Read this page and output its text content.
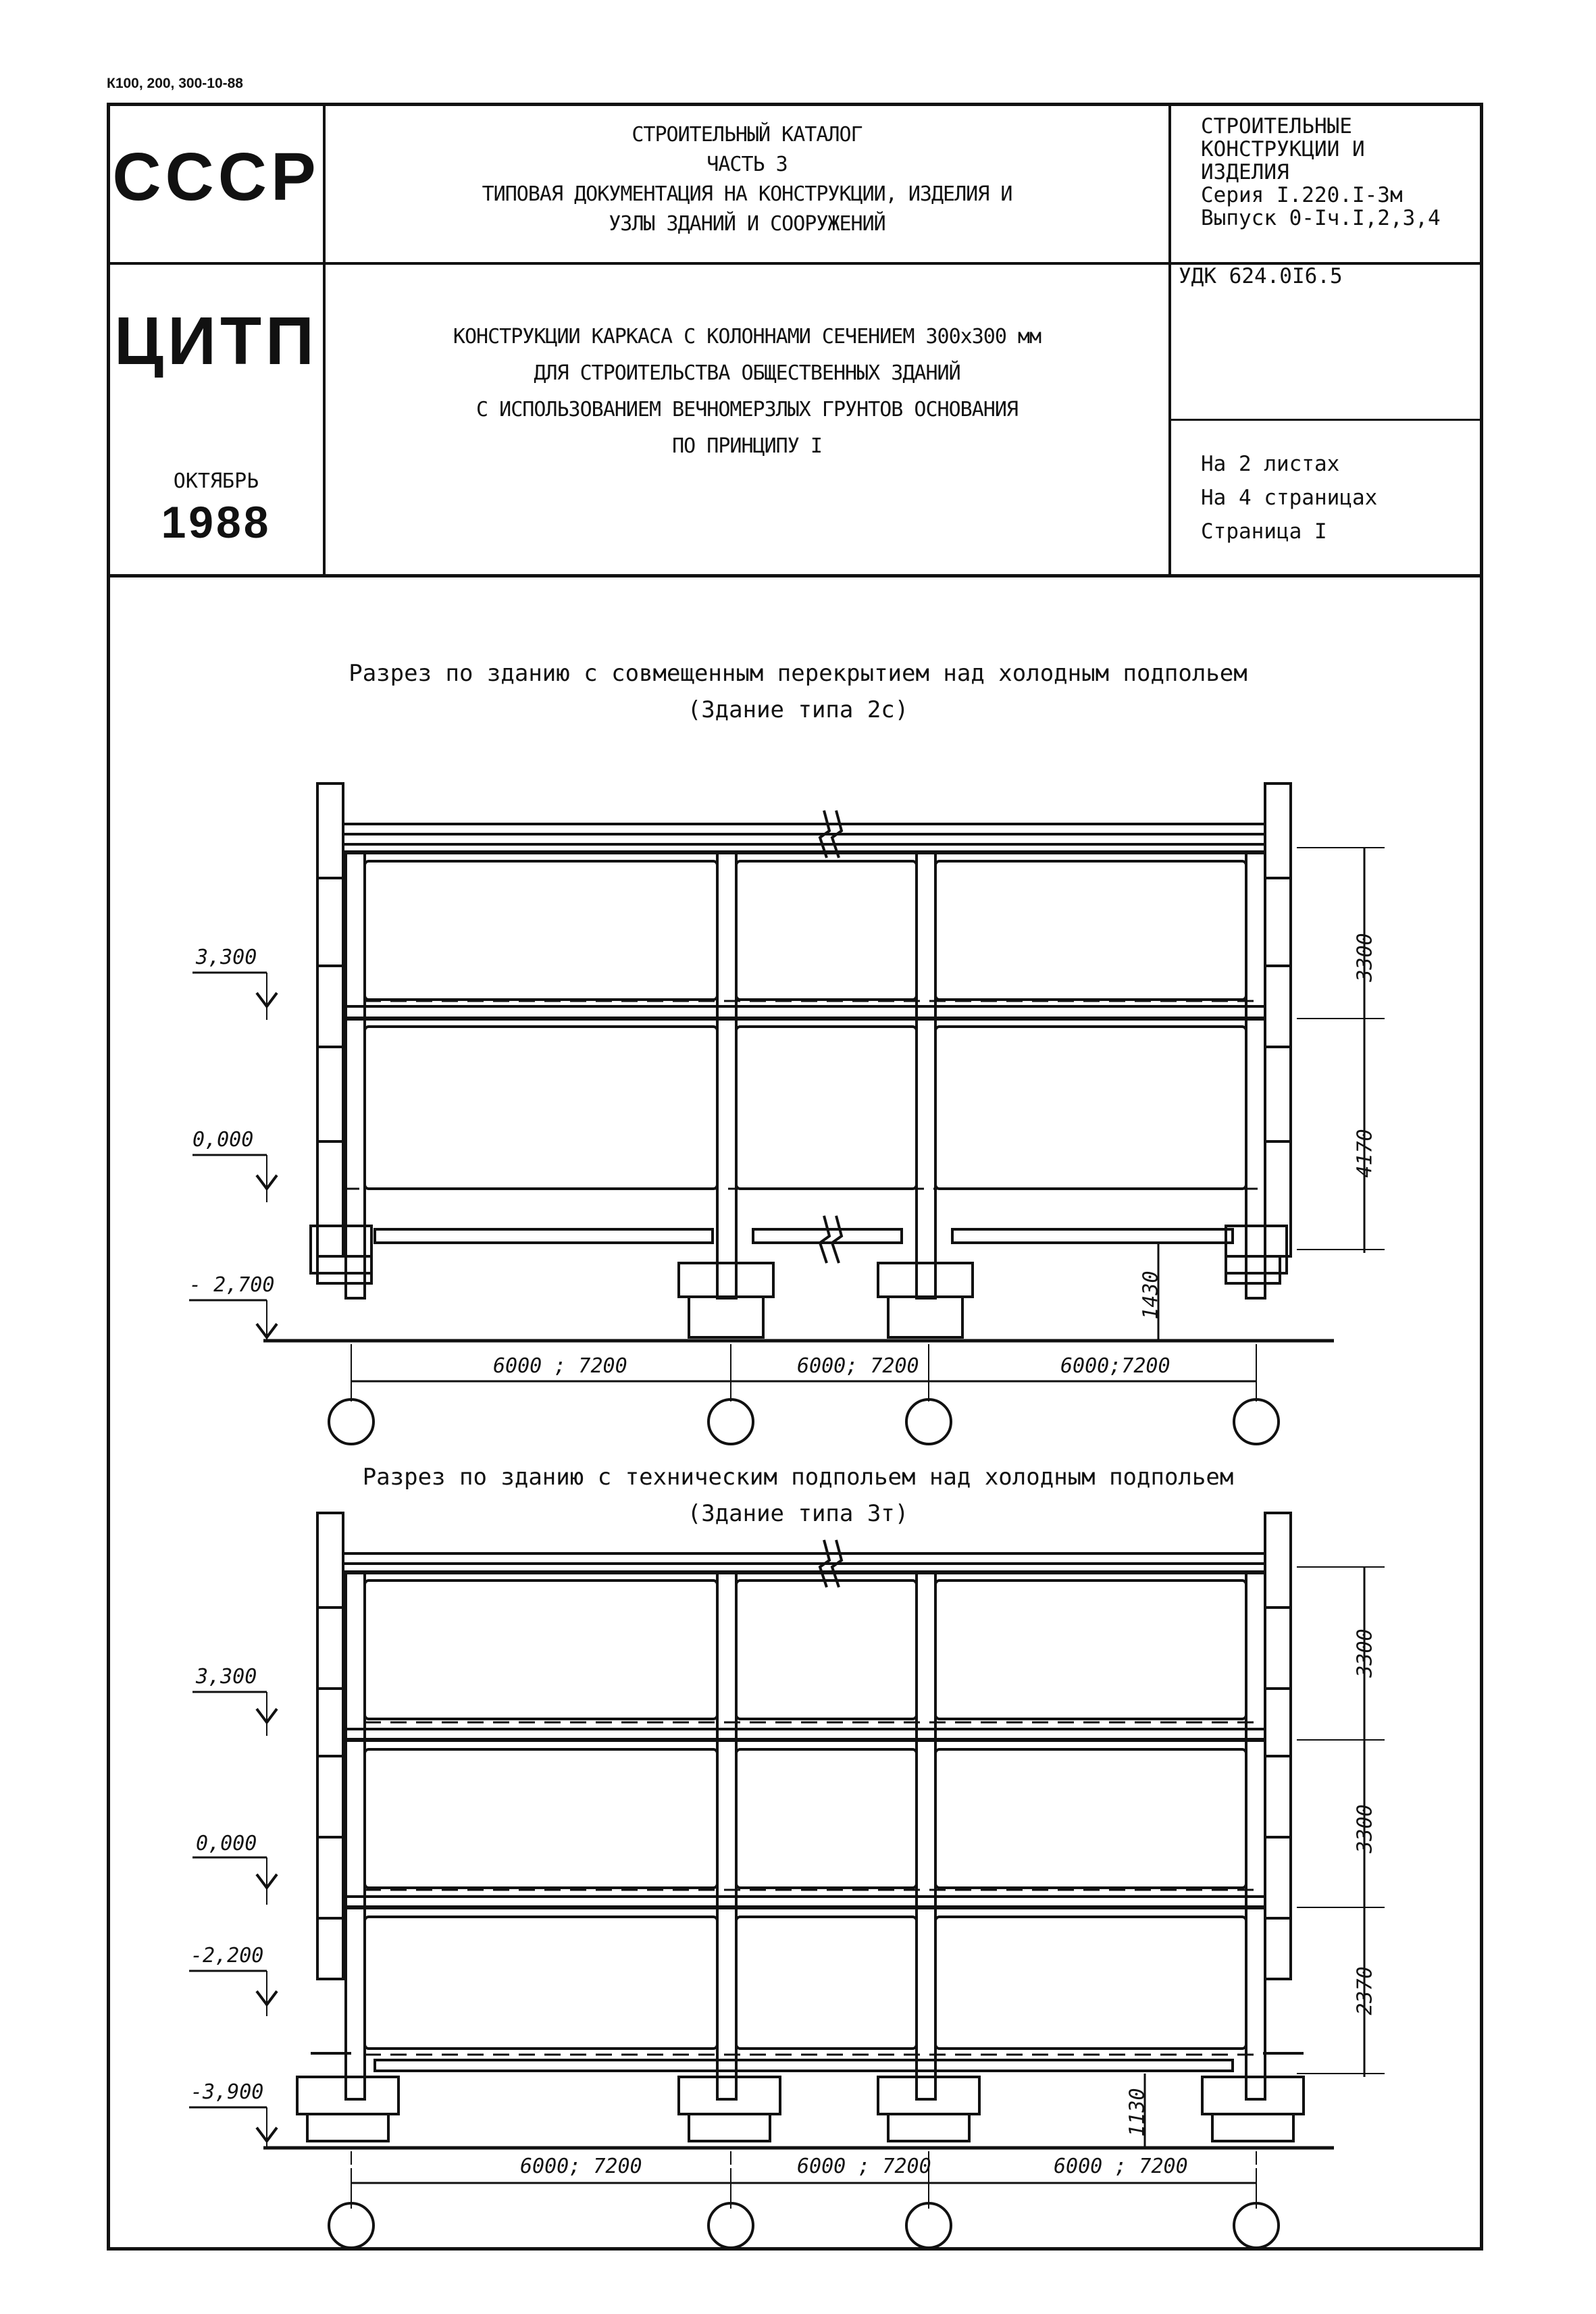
К100, 200, 300-10-88
СССР
ЦИТП
ОКТЯБРЬ
1988
СТРОИТЕЛЬНЫЙ КАТАЛОГ
ЧАСТЬ 3
ТИПОВАЯ ДОКУМЕНТАЦИЯ НА КОНСТРУКЦИИ, ИЗДЕЛИЯ И
УЗЛЫ ЗДАНИЙ И СООРУЖЕНИЙ
КОНСТРУКЦИИ КАРКАСА С КОЛОННАМИ СЕЧЕНИЕМ 300х300 мм
ДЛЯ СТРОИТЕЛЬСТВА ОБЩЕСТВЕННЫХ ЗДАНИЙ
С ИСПОЛЬЗОВАНИЕМ ВЕЧНОМЕРЗЛЫХ ГРУНТОВ ОСНОВАНИЯ
ПО ПРИНЦИПУ I
СТРОИТЕЛЬНЫЕ
КОНСТРУКЦИИ И
ИЗДЕЛИЯ
Серия I.220.I-3м
Выпуск 0-Iч.I,2,3,4
УДК 624.0I6.5
На 2 листах
На 4 страницах
Страница I
Разрез по зданию с совмещенным перекрытием над холодным подпольем
(Здание типа 2с)
Разрез по зданию с техническим подпольем над холодным подпольем
(Здание типа 3т)
3,300
0,000
- 2,700
3300
4170
1430
6000 ; 7200	6000; 7200	6000;7200
3,300
0,000
-2,200
-3,900
3300
3300
2370
1130
6000; 7200	6000 ; 7200	6000 ; 7200
